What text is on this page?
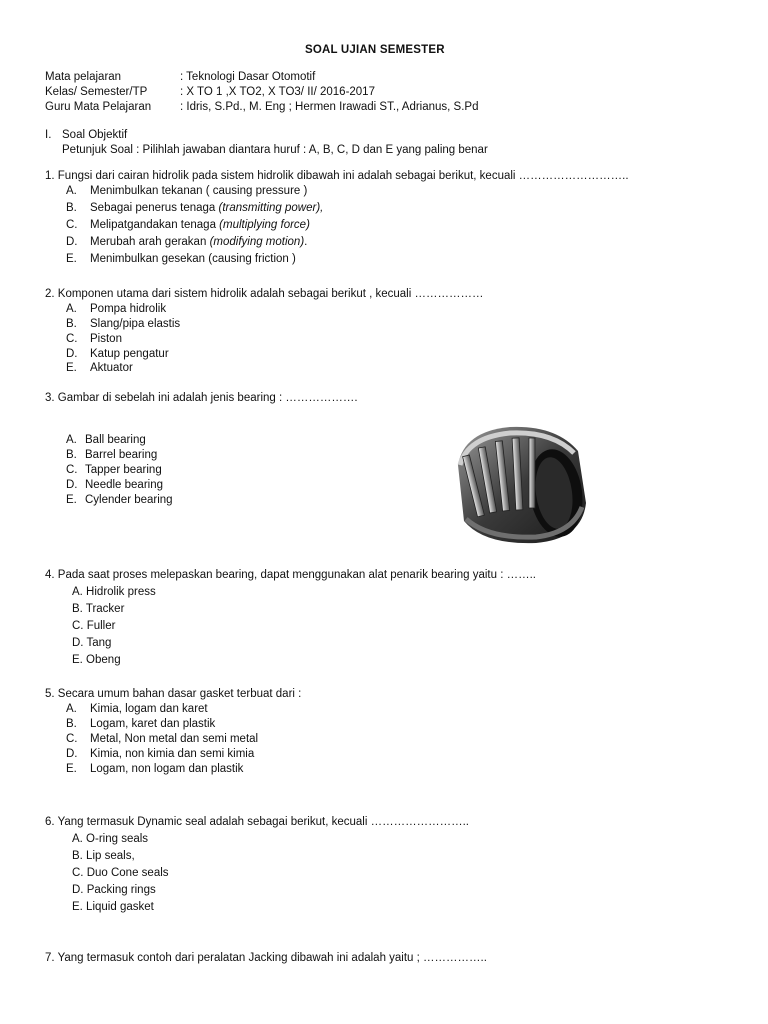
SOAL UJIAN SEMESTER
Mata pelajaran	: Teknologi Dasar Otomotif
Kelas/ Semester/TP	: X TO 1 ,X TO2, X TO3/ II/ 2016-2017
Guru Mata Pelajaran	: Idris, S.Pd., M. Eng ; Hermen Irawadi ST., Adrianus, S.Pd
I. Soal Objektif
Petunjuk Soal : Pilihlah jawaban diantara huruf : A, B, C, D dan E yang paling benar
1. Fungsi dari cairan hidrolik pada sistem hidrolik dibawah ini adalah sebagai berikut, kecuali ………………………..
A. Menimbulkan tekanan ( causing pressure )
B. Sebagai penerus tenaga (transmitting power),
C. Melipatgandakan tenaga (multiplying force)
D. Merubah arah gerakan (modifying motion).
E. Menimbulkan gesekan (causing friction )
2. Komponen utama dari sistem hidrolik adalah sebagai berikut , kecuali ………………
A. Pompa hidrolik
B. Slang/pipa elastis
C. Piston
D. Katup pengatur
E. Aktuator
3. Gambar di sebelah ini adalah jenis bearing : ……………….
A. Ball bearing
B. Barrel bearing
C. Tapper bearing
D. Needle bearing
E. Cylender bearing
4. Pada saat proses melepaskan bearing, dapat menggunakan alat penarik bearing yaitu : ……..
A. Hidrolik press
B. Tracker
C. Fuller
D. Tang
E. Obeng
5. Secara umum bahan dasar gasket terbuat dari :
A. Kimia, logam dan karet
B. Logam, karet dan plastik
C. Metal, Non metal dan semi metal
D. Kimia, non kimia dan semi kimia
E. Logam, non logam dan plastik
6. Yang termasuk Dynamic seal adalah sebagai berikut, kecuali ……………………..
A. O-ring seals
B. Lip seals,
C. Duo Cone seals
D. Packing rings
E. Liquid gasket
7. Yang termasuk contoh dari peralatan Jacking dibawah ini adalah yaitu ; ……………..
